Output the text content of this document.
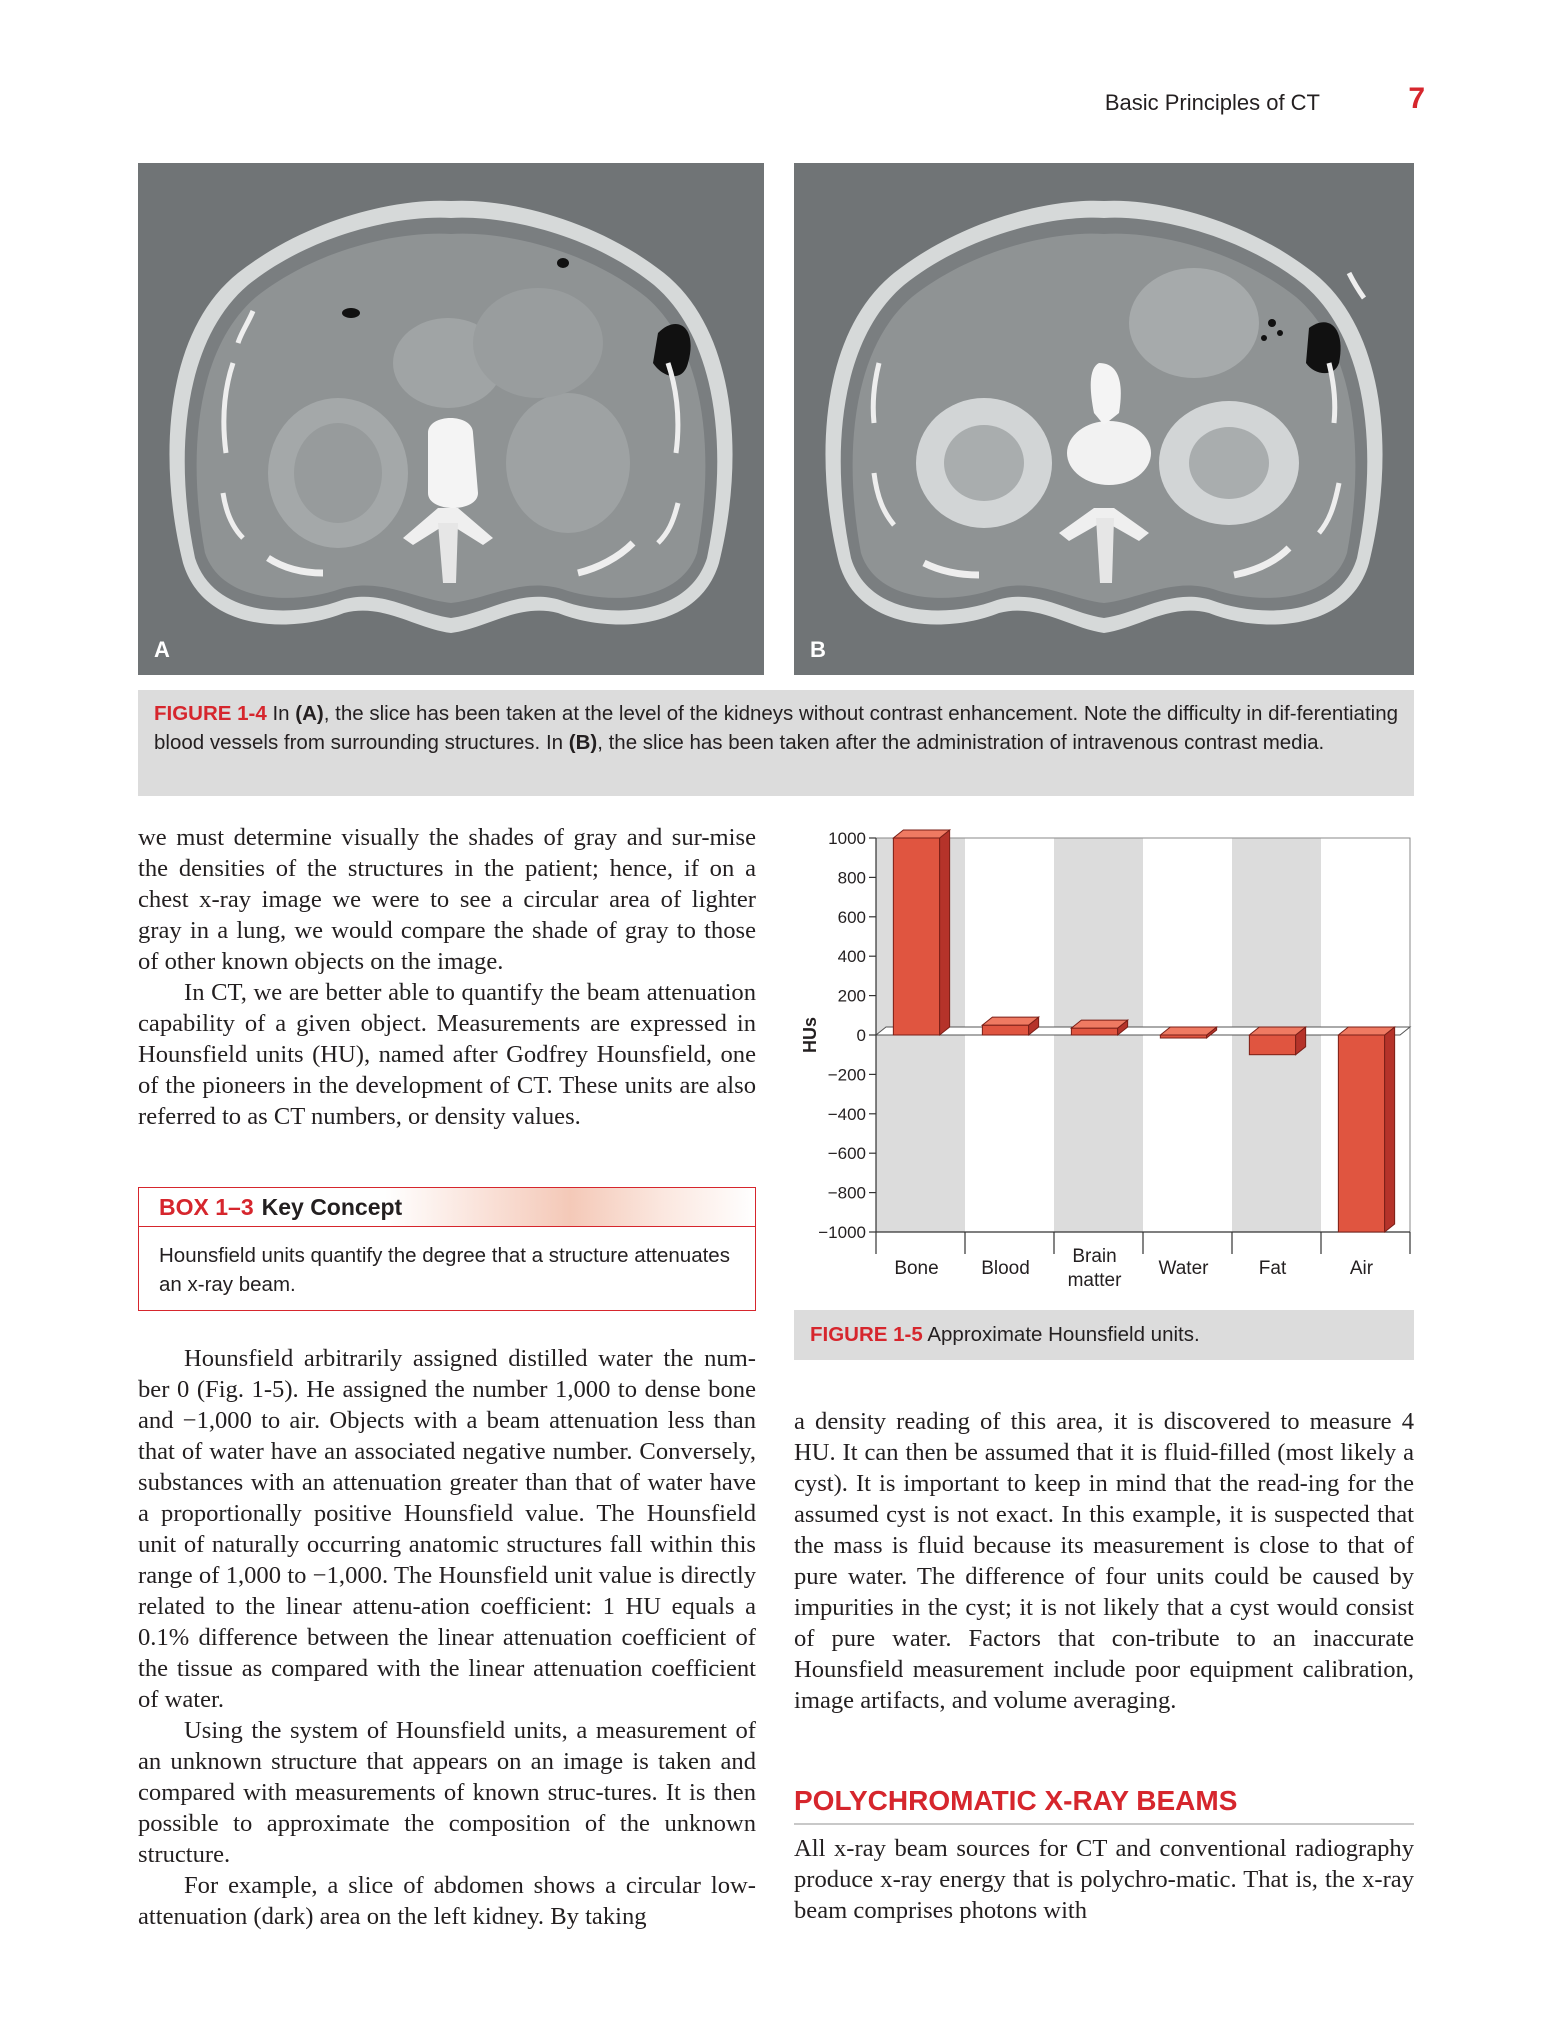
Basic Principles of CT	7
A	B
FIGURE 1-4 In (A), the slice has been taken at the level of the kidneys without contrast enhancement. Note the difficulty in dif-ferentiating blood vessels from surrounding structures. In (B), the slice has been taken after the administration of intravenous contrast media.

we must determine visually the shades of gray and sur-mise the densities of the structures in the patient; hence, if on a chest x-ray image we were to see a circular area of lighter gray in a lung, we would compare the shade of gray to those of other known objects on the image.

In CT, we are better able to quantify the beam attenuation capability of a given object. Measurements are expressed in Hounsfield units (HU), named after Godfrey Hounsfield, one of the pioneers in the development of CT. These units are also referred to as CT numbers, or density values.

BOX 1–3 Key Concept
Hounsfield units quantify the degree that a structure attenuates an x-ray beam.

Hounsfield arbitrarily assigned distilled water the num-ber 0 (Fig. 1-5). He assigned the number 1,000 to dense bone and −1,000 to air. Objects with a beam attenuation less than that of water have an associated negative number. Conversely, substances with an attenuation greater than that of water have a proportionally positive Hounsfield value. The Hounsfield unit of naturally occurring anatomic structures fall within this range of 1,000 to −1,000. The Hounsfield unit value is directly related to the linear attenu-ation coefficient: 1 HU equals a 0.1% difference between the linear attenuation coefficient of the tissue as compared with the linear attenuation coefficient of water.

Using the system of Hounsfield units, a measurement of an unknown structure that appears on an image is taken and compared with measurements of known struc-tures. It is then possible to approximate the composition of the unknown structure.

For example, a slice of abdomen shows a circular low-attenuation (dark) area on the left kidney. By taking

1000
800
600
400
200
0
−200
−400
−600
−800
−1000
HUs
Bone Blood
Brain
matter
Water	Fat	Air
FIGURE 1-5 Approximate Hounsfield units.

a density reading of this area, it is discovered to measure 4 HU. It can then be assumed that it is fluid-filled (most likely a cyst). It is important to keep in mind that the read-ing for the assumed cyst is not exact. In this example, it is suspected that the mass is fluid because its measurement is close to that of pure water. The difference of four units could be caused by impurities in the cyst; it is not likely that a cyst would consist of pure water. Factors that con-tribute to an inaccurate Hounsfield measurement include poor equipment calibration, image artifacts, and volume averaging.

POLYCHROMATIC X-RAY BEAMS

All x-ray beam sources for CT and conventional radiography produce x-ray energy that is polychro-matic. That is, the x-ray beam comprises photons with
